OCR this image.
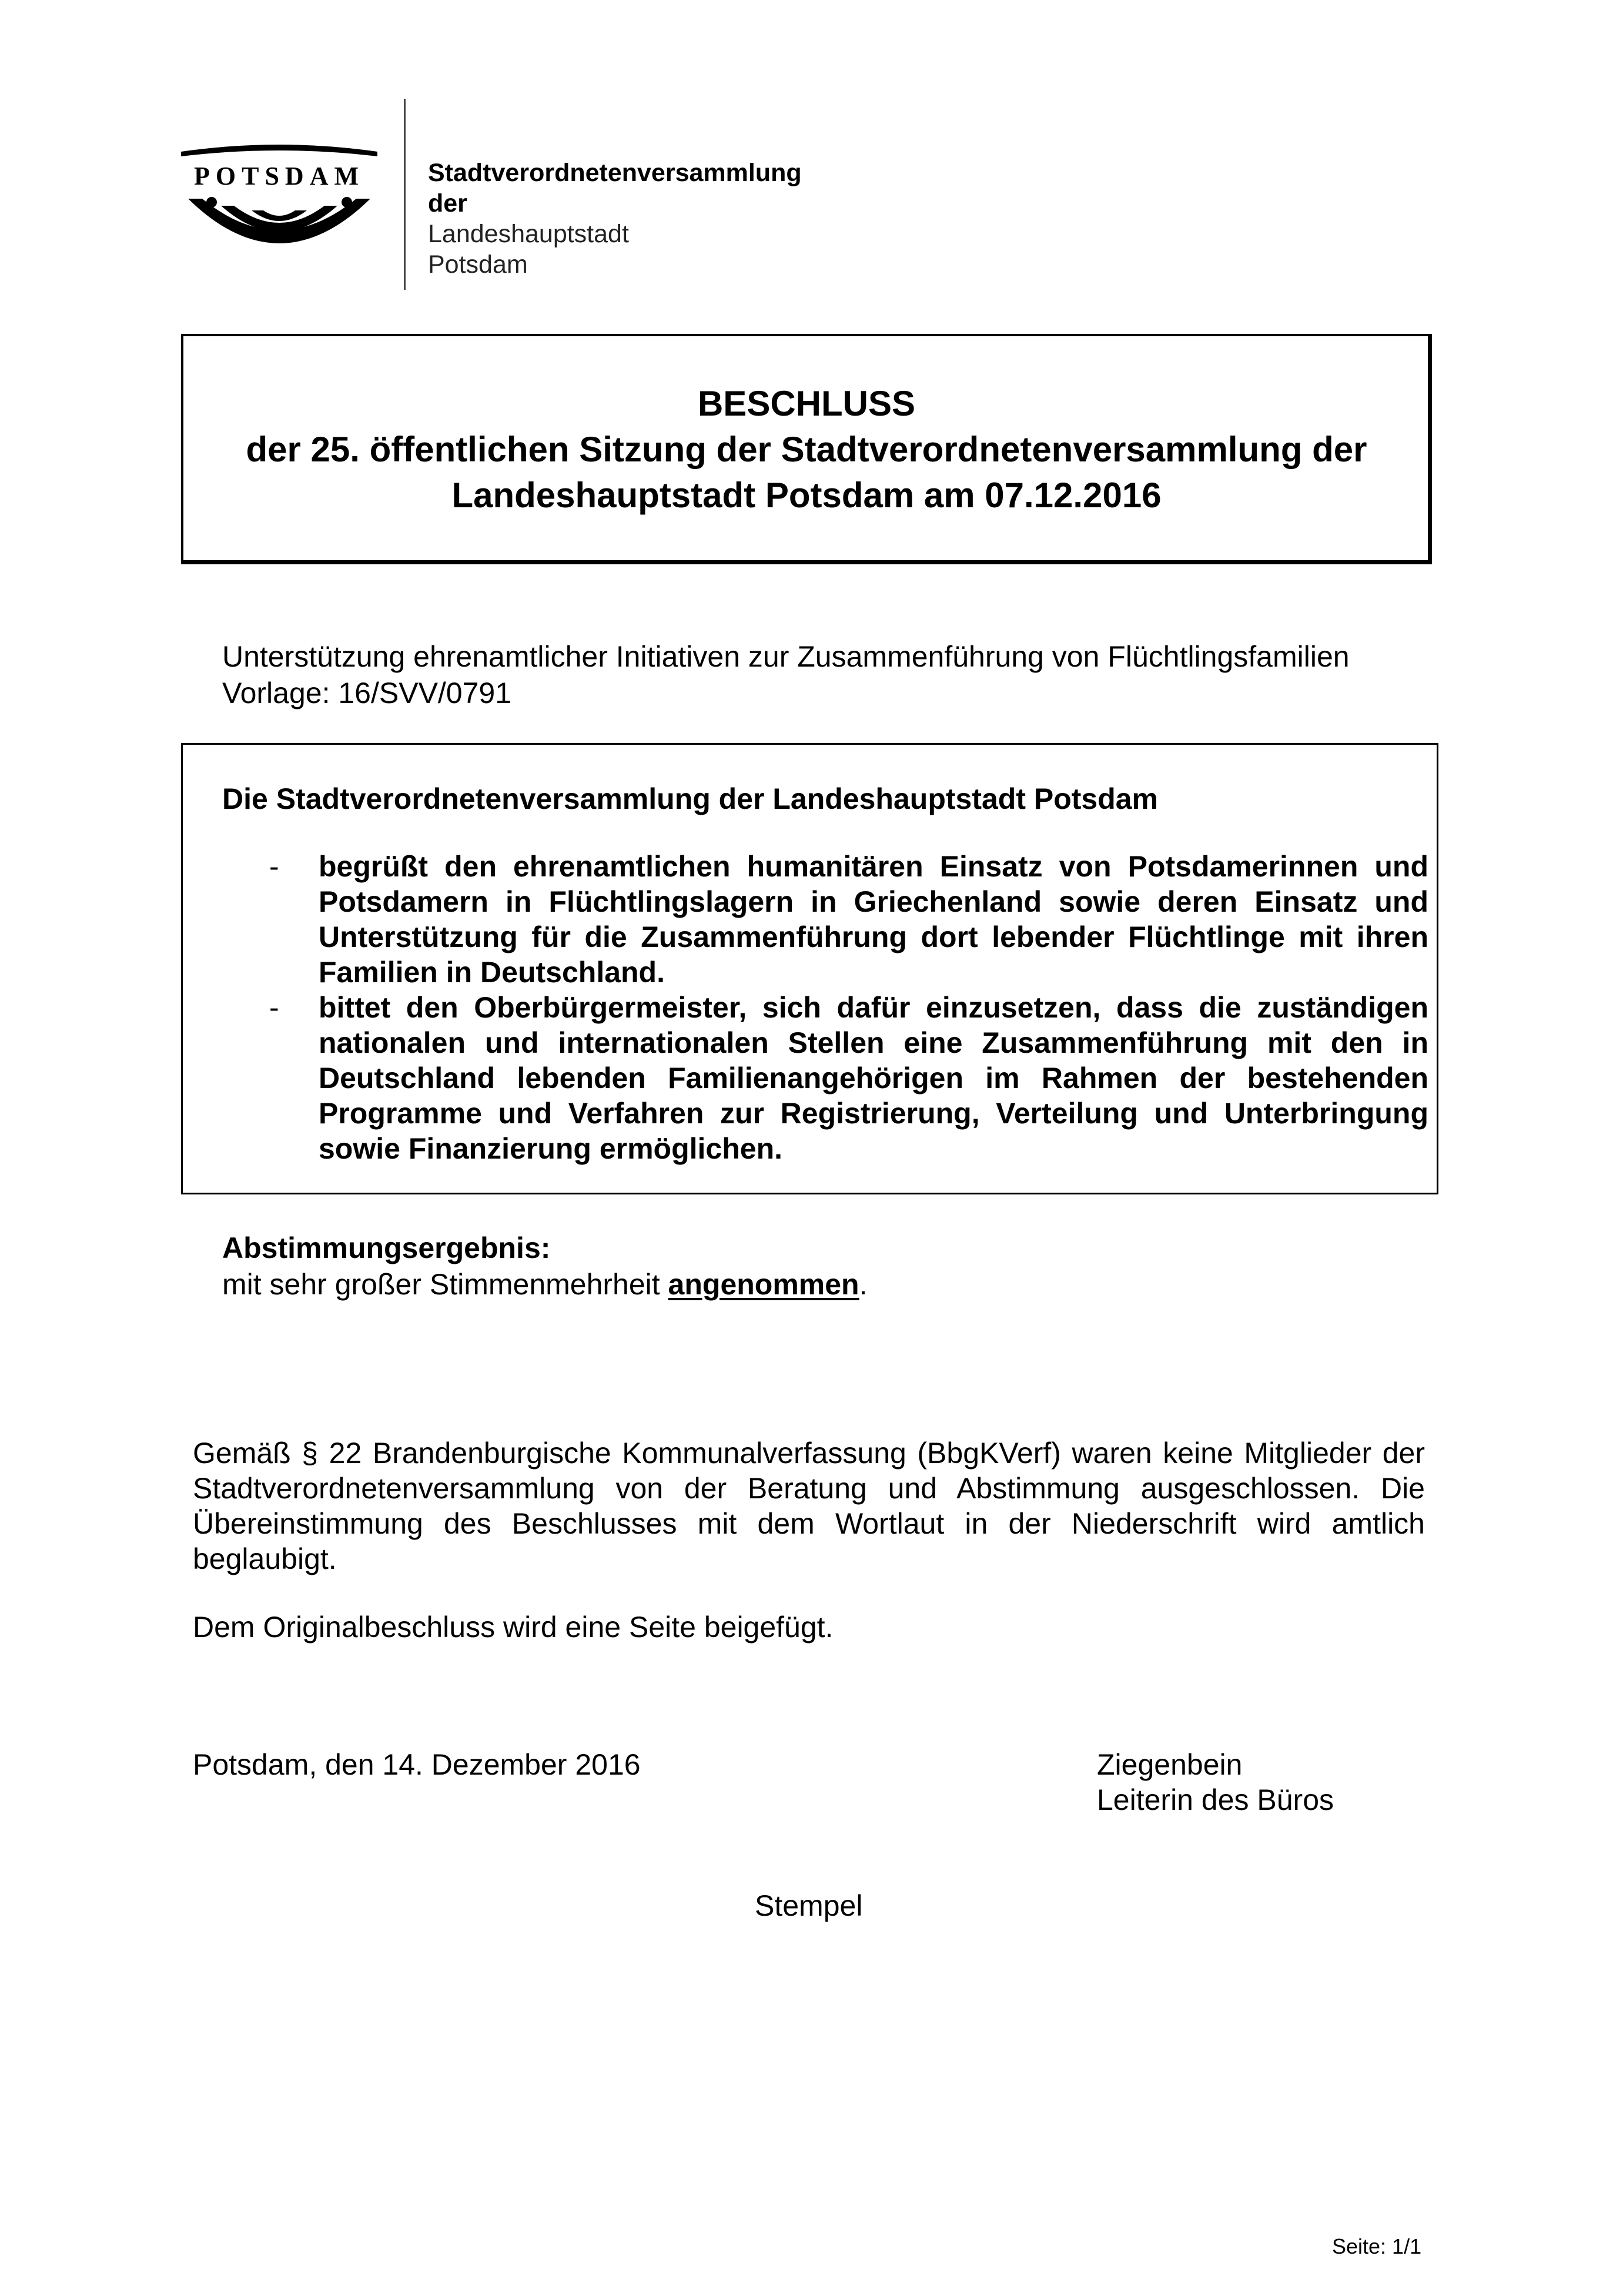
POTSDAM	Stadtverordnetenversammlung
der
Landeshauptstadt
Potsdam
BESCHLUSS
der 25. öffentlichen Sitzung der Stadtverordnetenversammlung der
Landeshauptstadt Potsdam am 07.12.2016
Unterstützung ehrenamtlicher Initiativen zur Zusammenführung von Flüchtlingsfamilien
Vorlage: 16/SVV/0791
Die Stadtverordnetenversammlung der Landeshauptstadt Potsdam
- begrüßt den ehrenamtlichen humanitären Einsatz von Potsdamerinnen und Potsdamern in Flüchtlingslagern in Griechenland sowie deren Einsatz und Unterstützung für die Zusammenführung dort lebender Flüchtlinge mit ihren Familien in Deutschland.
- bittet den Oberbürgermeister, sich dafür einzusetzen, dass die zuständigen nationalen und internationalen Stellen eine Zusammenführung mit den in Deutschland lebenden Familienangehörigen im Rahmen der bestehenden Programme und Verfahren zur Registrierung, Verteilung und Unterbringung sowie Finanzierung ermöglichen.
Abstimmungsergebnis:
mit sehr großer Stimmenmehrheit angenommen.
Gemäß § 22 Brandenburgische Kommunalverfassung (BbgKVerf) waren keine Mitglieder der Stadtverordnetenversammlung von der Beratung und Abstimmung ausgeschlossen. Die Übereinstimmung des Beschlusses mit dem Wortlaut in der Niederschrift wird amtlich beglaubigt.
Dem Originalbeschluss wird eine Seite beigefügt.
Potsdam, den 14. Dezember 2016	Ziegenbein
Leiterin des Büros
Stempel
Seite: 1/1
